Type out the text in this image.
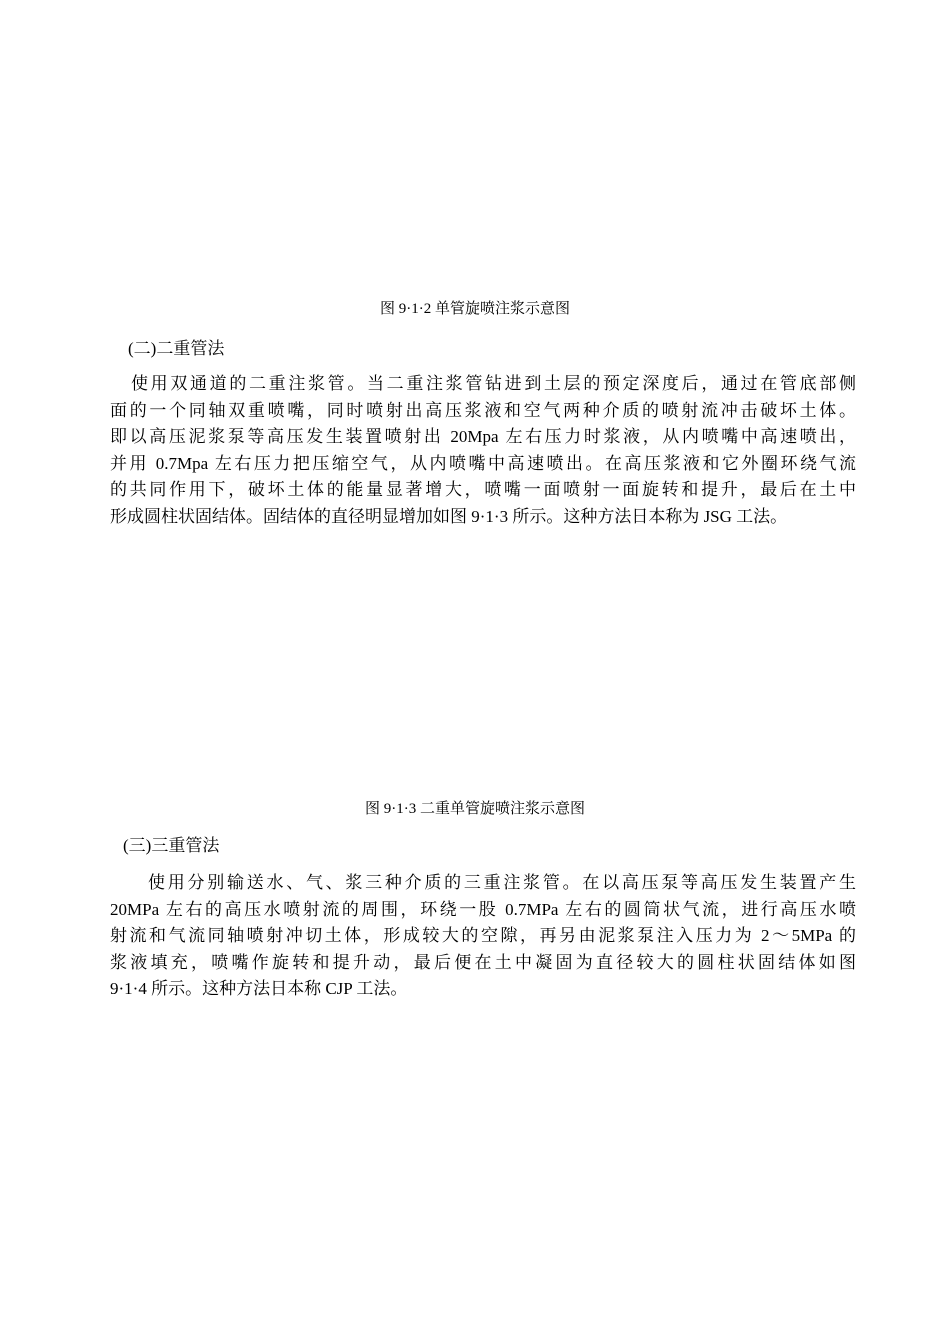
图 9·1·2 单管旋喷注浆示意图

(二)二重管法

使用双通道的二重注浆管。当二重注浆管钻进到土层的预定深度后，通过在管底部侧
面的一个同轴双重喷嘴，同时喷射出高压浆液和空气两种介质的喷射流冲击破坏土体。
即以高压泥浆泵等高压发生装置喷射出 20Mpa 左右压力时浆液，从内喷嘴中高速喷出，
并用 0.7Mpa 左右压力把压缩空气，从内喷嘴中高速喷出。在高压浆液和它外圈环绕气流
的共同作用下，破坏土体的能量显著增大，喷嘴一面喷射一面旋转和提升，最后在土中
形成圆柱状固结体。固结体的直径明显增加如图 9·1·3 所示。这种方法日本称为 JSG 工法。

图 9·1·3 二重单管旋喷注浆示意图

(三)三重管法

使用分别输送水、气、浆三种介质的三重注浆管。在以高压泵等高压发生装置产生
20MPa 左右的高压水喷射流的周围，环绕一股 0.7MPa 左右的圆筒状气流，进行高压水喷
射流和气流同轴喷射冲切土体，形成较大的空隙，再另由泥浆泵注入压力为 2～5MPa 的
浆液填充，喷嘴作旋转和提升动，最后便在土中凝固为直径较大的圆柱状固结体如图
9·1·4 所示。这种方法日本称 CJP 工法。
